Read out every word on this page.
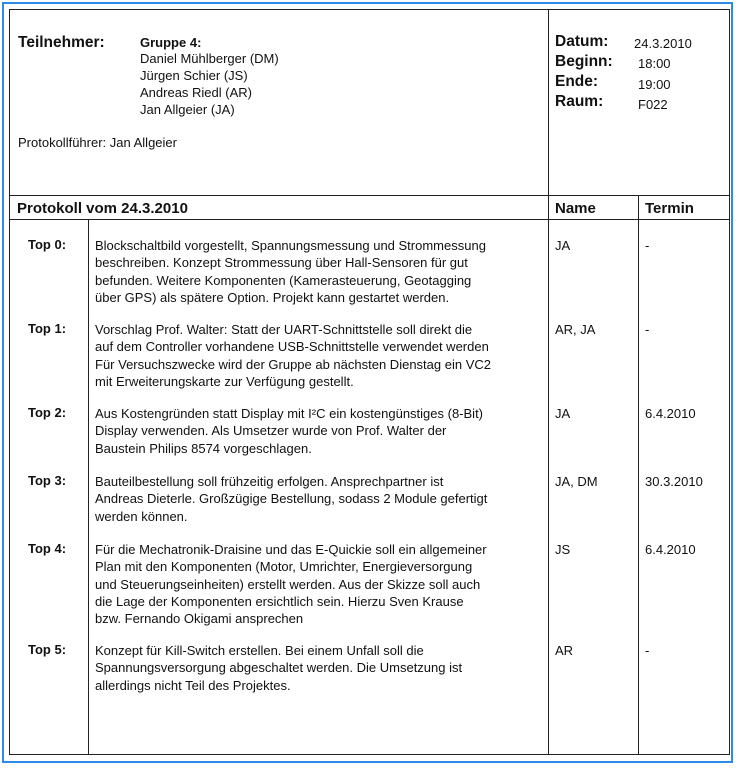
Teilnehmer:	Gruppe 4:
Daniel Mühlberger (DM)
Jürgen Schier (JS)
Andreas Riedl (AR)
Jan Allgeier (JA)
Protokollführer: Jan Allgeier
Datum: 24.3.2010
Beginn: 18:00
Ende:	19:00
Raum:	F022
Protokoll vom 24.3.2010	Name	Termin
Top 0: Blockschaltbild vorgestellt, Spannungsmessung und Strommessung
beschreiben. Konzept Strommessung über Hall-Sensoren für gut
befunden. Weitere Komponenten (Kamerasteuerung, Geotagging
über GPS) als spätere Option. Projekt kann gestartet werden.
JA	-
Top 1: Vorschlag Prof. Walter: Statt der UART-Schnittstelle soll direkt die
auf dem Controller vorhandene USB-Schnittstelle verwendet werden
Für Versuchszwecke wird der Gruppe ab nächsten Dienstag ein VC2
mit Erweiterungskarte zur Verfügung gestellt.
AR, JA	-
Top 2: Aus Kostengründen statt Display mit I²C ein kostengünstiges (8-Bit)
Display verwenden. Als Umsetzer wurde von Prof. Walter der
Baustein Philips 8574 vorgeschlagen.
JA	6.4.2010
Top 3: Bauteilbestellung soll frühzeitig erfolgen. Ansprechpartner ist
Andreas Dieterle. Großzügige Bestellung, sodass 2 Module gefertigt
werden können.
JA, DM	30.3.2010
Top 4: Für die Mechatronik-Draisine und das E-Quickie soll ein allgemeiner
Plan mit den Komponenten (Motor, Umrichter, Energieversorgung
und Steuerungseinheiten) erstellt werden. Aus der Skizze soll auch
die Lage der Komponenten ersichtlich sein. Hierzu Sven Krause
bzw. Fernando Okigami ansprechen
JS	6.4.2010
Top 5: Konzept für Kill-Switch erstellen. Bei einem Unfall soll die
Spannungsversorgung abgeschaltet werden. Die Umsetzung ist
allerdings nicht Teil des Projektes.
AR	-
